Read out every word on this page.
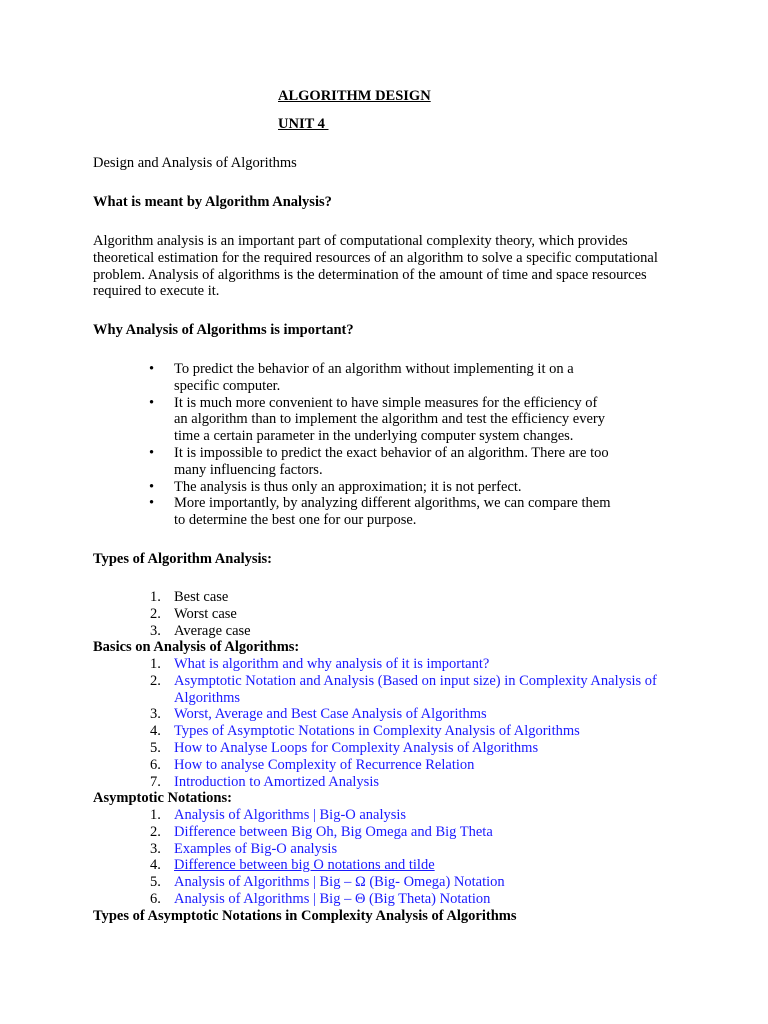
ALGORITHM DESIGN
UNIT 4
Design and Analysis of Algorithms
What is meant by Algorithm Analysis?
Algorithm analysis is an important part of computational complexity theory, which provides theoretical estimation for the required resources of an algorithm to solve a specific computational problem. Analysis of algorithms is the determination of the amount of time and space resources required to execute it.
Why Analysis of Algorithms is important?
• To predict the behavior of an algorithm without implementing it on a specific computer.
• It is much more convenient to have simple measures for the efficiency of an algorithm than to implement the algorithm and test the efficiency every time a certain parameter in the underlying computer system changes.
• It is impossible to predict the exact behavior of an algorithm. There are too many influencing factors.
• The analysis is thus only an approximation; it is not perfect.
• More importantly, by analyzing different algorithms, we can compare them to determine the best one for our purpose.
Types of Algorithm Analysis:
1. Best case
2. Worst case
3. Average case
Basics on Analysis of Algorithms:
1. What is algorithm and why analysis of it is important?
2. Asymptotic Notation and Analysis (Based on input size) in Complexity Analysis of Algorithms
3. Worst, Average and Best Case Analysis of Algorithms
4. Types of Asymptotic Notations in Complexity Analysis of Algorithms
5. How to Analyse Loops for Complexity Analysis of Algorithms
6. How to analyse Complexity of Recurrence Relation
7. Introduction to Amortized Analysis
Asymptotic Notations:
1. Analysis of Algorithms | Big-O analysis
2. Difference between Big Oh, Big Omega and Big Theta
3. Examples of Big-O analysis
4. Difference between big O notations and tilde
5. Analysis of Algorithms | Big – Ω (Big- Omega) Notation
6. Analysis of Algorithms | Big – Θ (Big Theta) Notation
Types of Asymptotic Notations in Complexity Analysis of Algorithms
